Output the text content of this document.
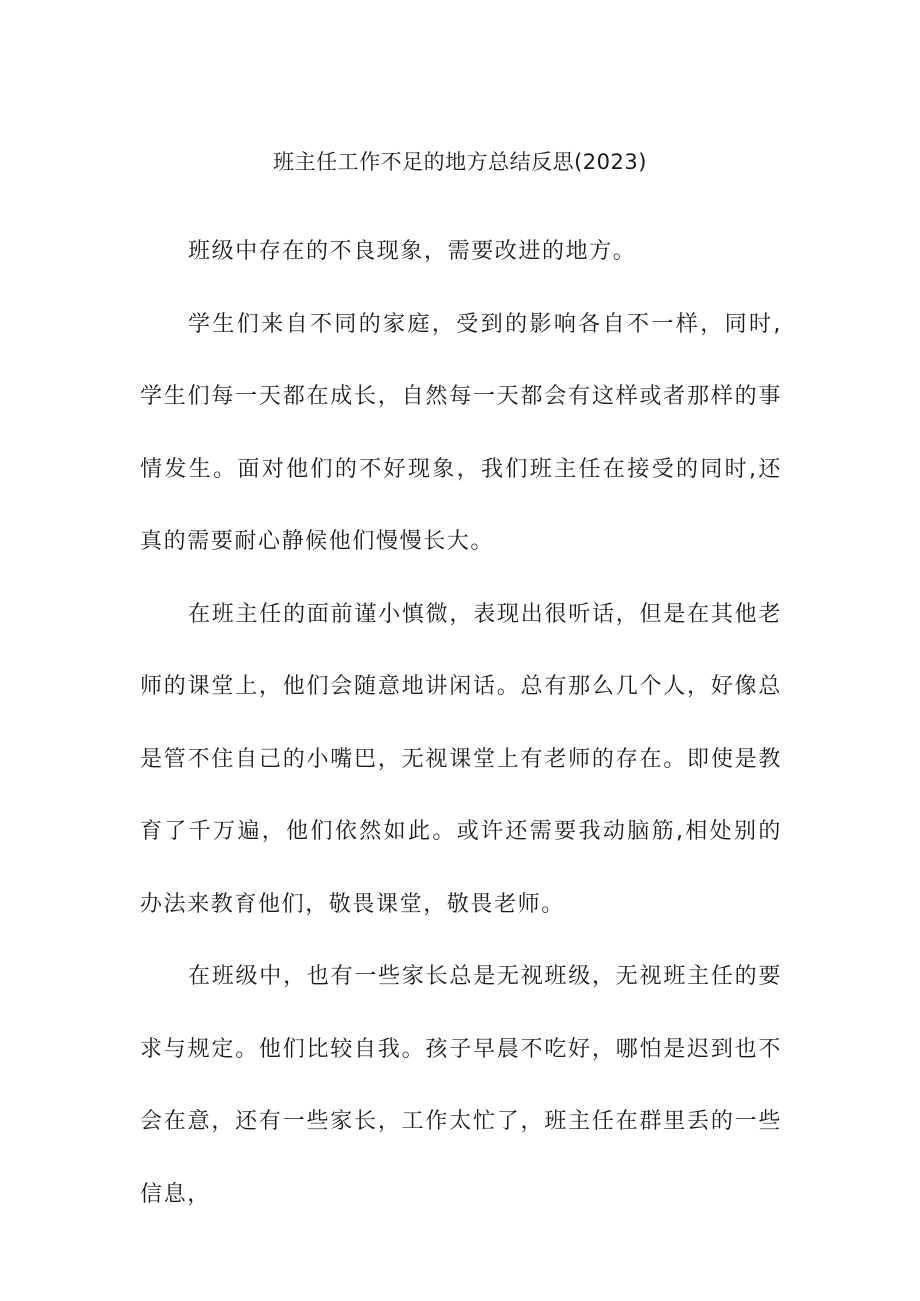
班主任工作不足的地方总结反思(2023)

班级中存在的不良现象，需要改进的地方。

学生们来自不同的家庭，受到的影响各自不一样，同时,学生们每一天都在成长，自然每一天都会有这样或者那样的事情发生。面对他们的不好现象，我们班主任在接受的同时,还真的需要耐心静候他们慢慢长大。

在班主任的面前谨小慎微，表现出很听话，但是在其他老师的课堂上，他们会随意地讲闲话。总有那么几个人，好像总是管不住自己的小嘴巴，无视课堂上有老师的存在。即使是教育了千万遍，他们依然如此。或许还需要我动脑筋,相处别的办法来教育他们，敬畏课堂，敬畏老师。

在班级中，也有一些家长总是无视班级，无视班主任的要求与规定。他们比较自我。孩子早晨不吃好，哪怕是迟到也不会在意，还有一些家长，工作太忙了，班主任在群里丢的一些信息，
